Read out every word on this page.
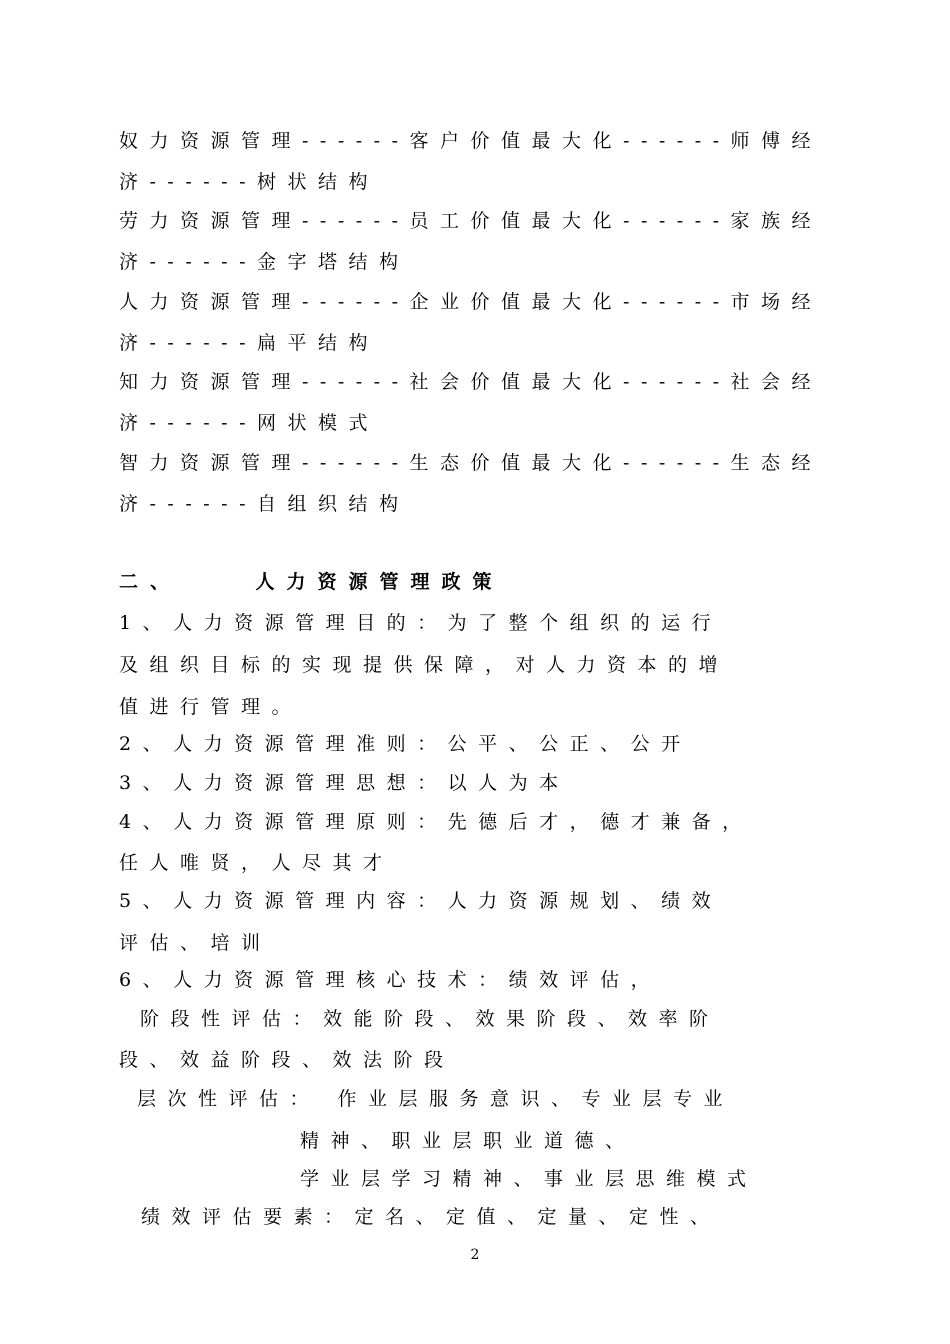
奴力资源管理------客户价值最大化------师傅经
济------树状结构
劳力资源管理------员工价值最大化------家族经
济------金字塔结构
人力资源管理------企业价值最大化------市场经
济------扁平结构
知力资源管理------社会价值最大化------社会经
济------网状模式
智力资源管理------生态价值最大化------生态经
济------自组织结构
二、    人力资源管理政策
1、人力资源管理目的：为了整个组织的运行
及组织目标的实现提供保障，对人力资本的增
值进行管理。
2、人力资源管理准则：公平、公正、公开
3、人力资源管理思想：以人为本
4、人力资源管理原则：先德后才，德才兼备，
任人唯贤，人尽其才
5、人力资源管理内容：人力资源规划、绩效
评估、培训
6、人力资源管理核心技术：绩效评估，
阶段性评估：效能阶段、效果阶段、效率阶
段、效益阶段、效法阶段
层次性评估： 作业层服务意识、专业层专业
精神、职业层职业道德、
学业层学习精神、事业层思维模式
绩效评估要素：定名、定值、定量、定性、
2
